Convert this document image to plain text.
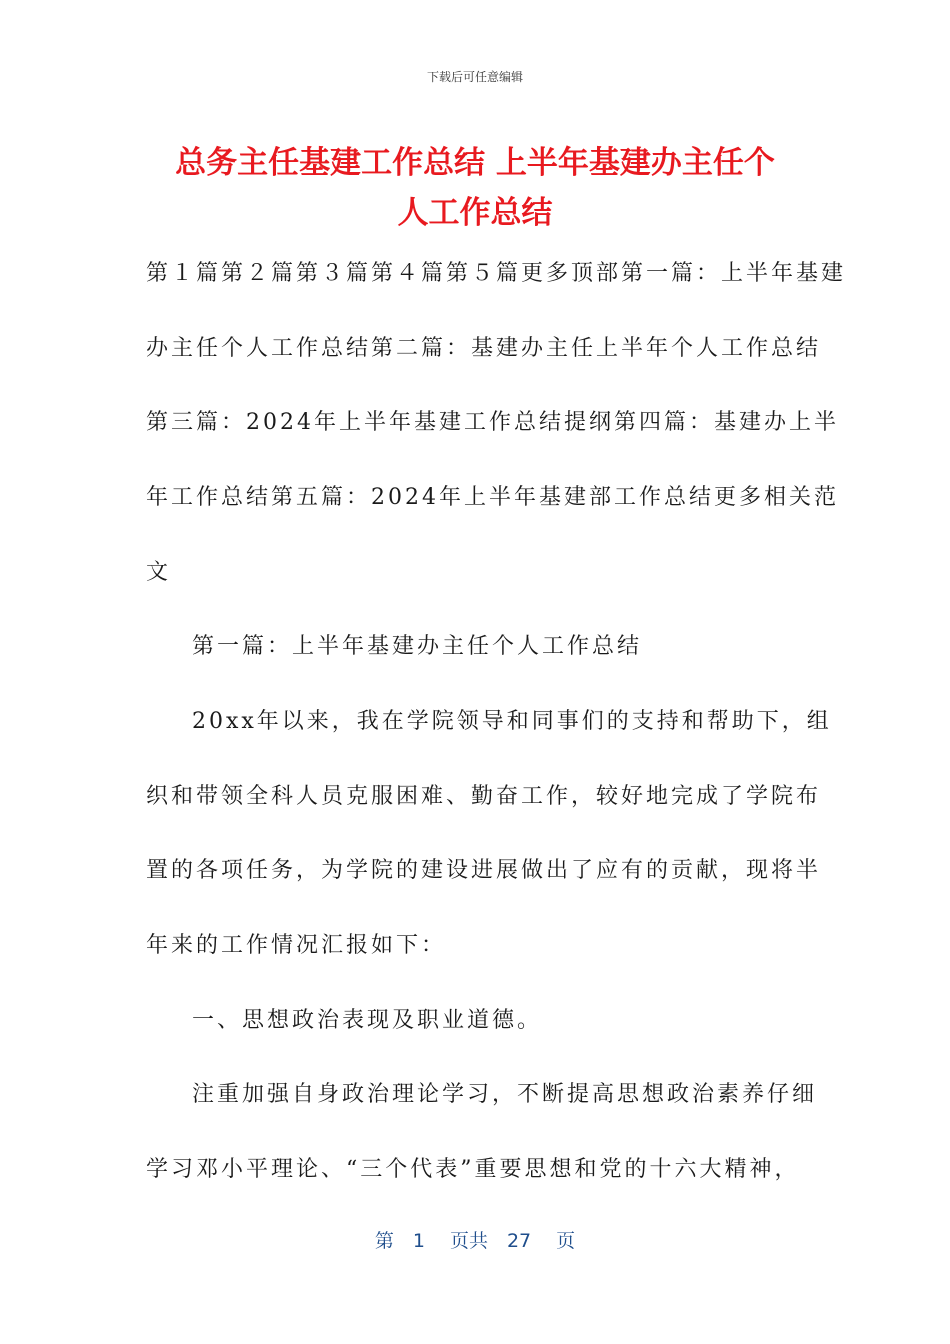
下载后可任意编辑
总务主任基建工作总结 上半年基建办主任个
人工作总结
第１篇第２篇第３篇第４篇第５篇更多顶部第一篇：上半年基建
办主任个人工作总结第二篇：基建办主任上半年个人工作总结
第三篇：2024年上半年基建工作总结提纲第四篇：基建办上半
年工作总结第五篇：2024年上半年基建部工作总结更多相关范
文
第一篇：上半年基建办主任个人工作总结
20xx年以来，我在学院领导和同事们的支持和帮助下，组
织和带领全科人员克服困难、勤奋工作，较好地完成了学院布
置的各项任务，为学院的建设进展做出了应有的贡献，现将半
年来的工作情况汇报如下：
一、思想政治表现及职业道德。
注重加强自身政治理论学习，不断提高思想政治素养仔细
学习邓小平理论、“三个代表”重要思想和党的十六大精神，
第　1　 页共　27　 页
